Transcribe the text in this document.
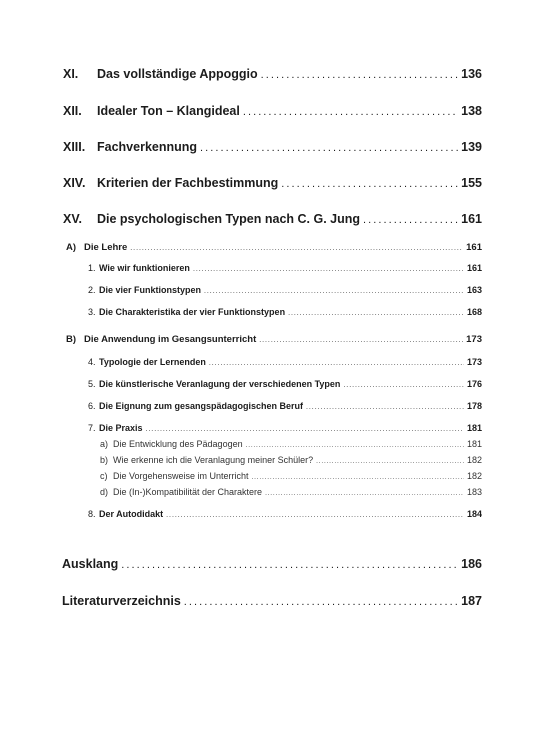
XI.	Das vollständige Appoggio . . .	136
XII.	Idealer Ton – Klangideal . . .	138
XIII. Fachverkennung . . .	139
XIV. Kriterien der Fachbestimmung . . .	155
XV.	Die psychologischen Typen nach C. G. Jung . . .	161
A) Die Lehre . . .	161
1. Wie wir funktionieren . . .	161
2. Die vier Funktionstypen . . .	163
3. Die Charakteristika der vier Funktionstypen . . .	168
B) Die Anwendung im Gesangsunterricht . . .	173
4. Typologie der Lernenden . . .	173
5. Die künstlerische Veranlagung der verschiedenen Typen . . .	176
6. Die Eignung zum gesangspädagogischen Beruf . . .	178
7. Die Praxis . . .	181
a) Die Entwicklung des Pädagogen . . .	181
b) Wie erkenne ich die Veranlagung meiner Schüler? . . .	182
c) Die Vorgehensweise im Unterricht . . .	182
d) Die (In-)Kompatibilität der Charaktere . . .	183
8. Der Autodidakt . . .	184
Ausklang . . .	186
Literaturverzeichnis . . .	187
